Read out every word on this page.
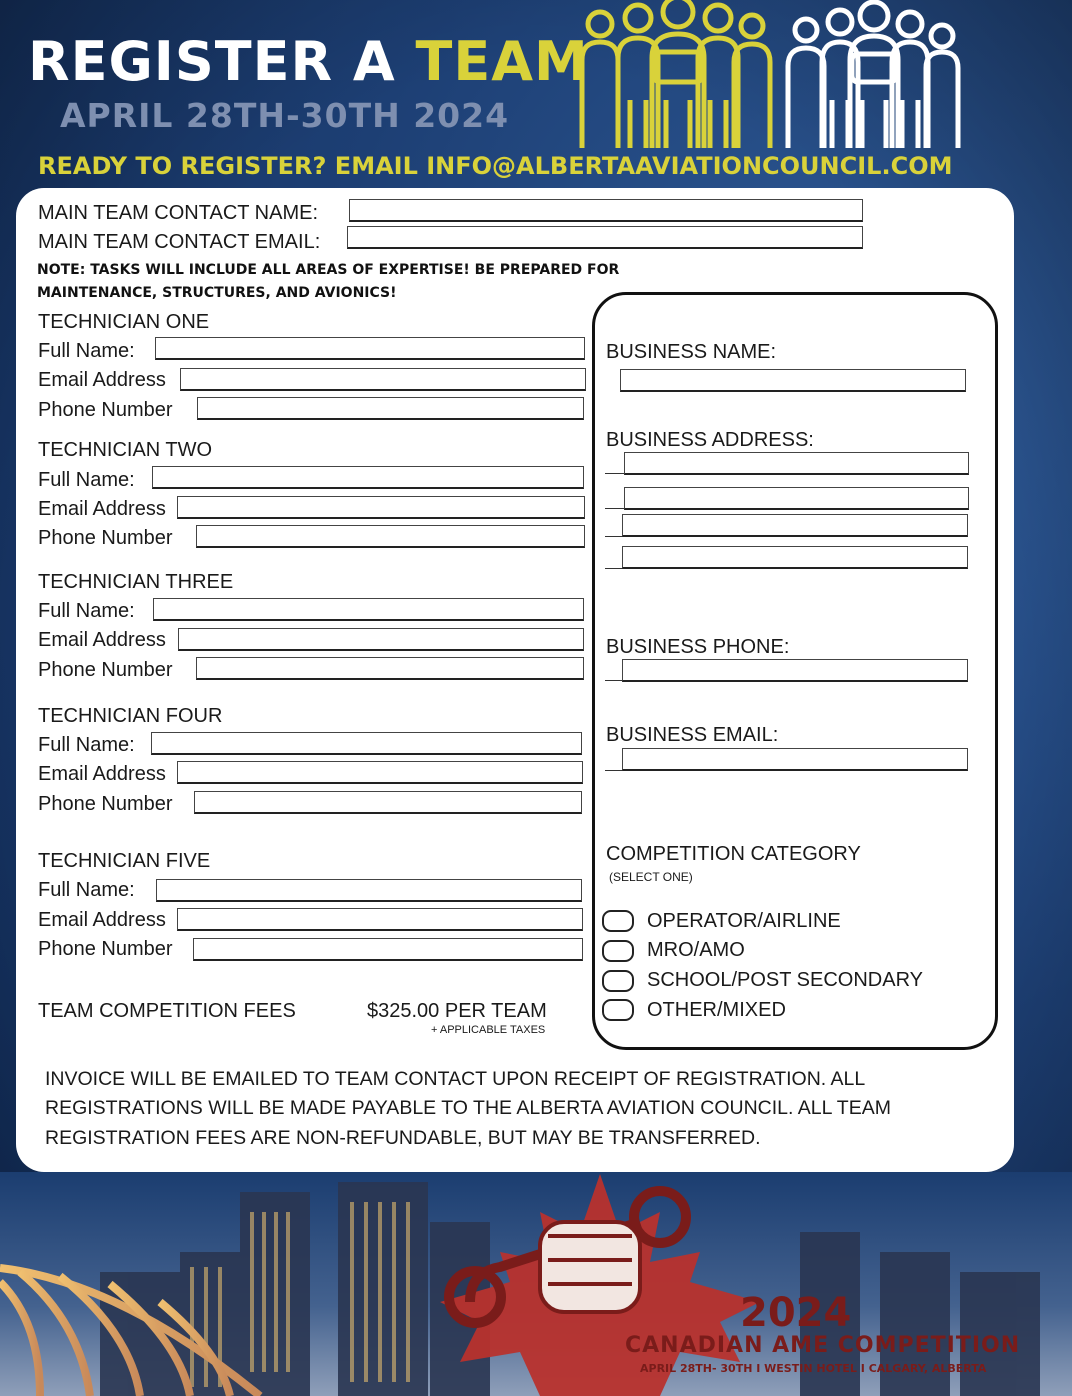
REGISTER A TEAM
APRIL 28TH-30TH 2024
READY TO REGISTER? EMAIL INFO@ALBERTAAVIATIONCOUNCIL.COM
MAIN TEAM CONTACT NAME:
MAIN TEAM CONTACT EMAIL:
NOTE: TASKS WILL INCLUDE ALL AREAS OF EXPERTISE! BE PREPARED FOR
MAINTENANCE, STRUCTURES, AND AVIONICS!
TECHNICIAN ONE
Full Name:
Email Address
Phone Number
TECHNICIAN TWO
Full Name:
Email Address
Phone Number
TECHNICIAN THREE
Full Name:
Email Address
Phone Number
TECHNICIAN FOUR
Full Name:
Email Address
Phone Number
TECHNICIAN FIVE
Full Name:
Email Address
Phone Number
TEAM COMPETITION FEES	$325.00 PER TEAM
+ APPLICABLE TAXES
BUSINESS NAME:
BUSINESS ADDRESS:
BUSINESS PHONE:
BUSINESS EMAIL:
COMPETITION CATEGORY
(SELECT ONE)
OPERATOR/AIRLINE
MRO/AMO
SCHOOL/POST SECONDARY
OTHER/MIXED
INVOICE WILL BE EMAILED TO TEAM CONTACT UPON RECEIPT OF REGISTRATION. ALL
REGISTRATIONS WILL BE MADE PAYABLE TO THE ALBERTA AVIATION COUNCIL. ALL TEAM
REGISTRATION FEES ARE NON-REFUNDABLE, BUT MAY BE TRANSFERRED.
2024
CANADIAN AME COMPETITION
APRIL 28TH- 30TH I WESTIN HOTEL I CALGARY, ALBERTA
